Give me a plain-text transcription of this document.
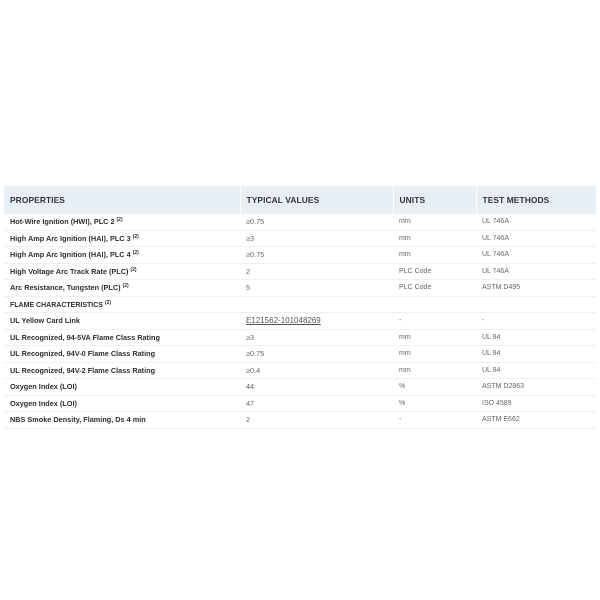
PROPERTIES	TYPICAL VALUES	UNITS	TEST METHODS
Hot-Wire Ignition (HWI), PLC 2 $^{(2)}$	≥0.75	mm	UL 746A
High Amp Arc Ignition (HAI), PLC 3 $^{(2)}$	≥3	mm	UL 746A
High Amp Arc Ignition (HAI), PLC 4 $^{(2)}$	≥0.75	mm	UL 746A
High Voltage Arc Track Rate (PLC) $^{(2)}$	2	PLC Code	UL 746A
Arc Resistance, Tungsten (PLC) $^{(2)}$	5	PLC Code	ASTM D495
FLAME CHARACTERISTICS $^{(2)}$
UL Yellow Card Link	E121562-101048269	-	-
UL Recognized, 94-5VA Flame Class Rating	≥3	mm	UL 94
UL Recognized, 94V-0 Flame Class Rating	≥0.75	mm	UL 94
UL Recognized, 94V-2 Flame Class Rating	≥0.4	mm	UL 94
Oxygen Index (LOI)	44	%	ASTM D2863
Oxygen Index (LOI)	47	%	ISO 4589
NBS Smoke Density, Flaming, Ds 4 min	2	-	ASTM E662
